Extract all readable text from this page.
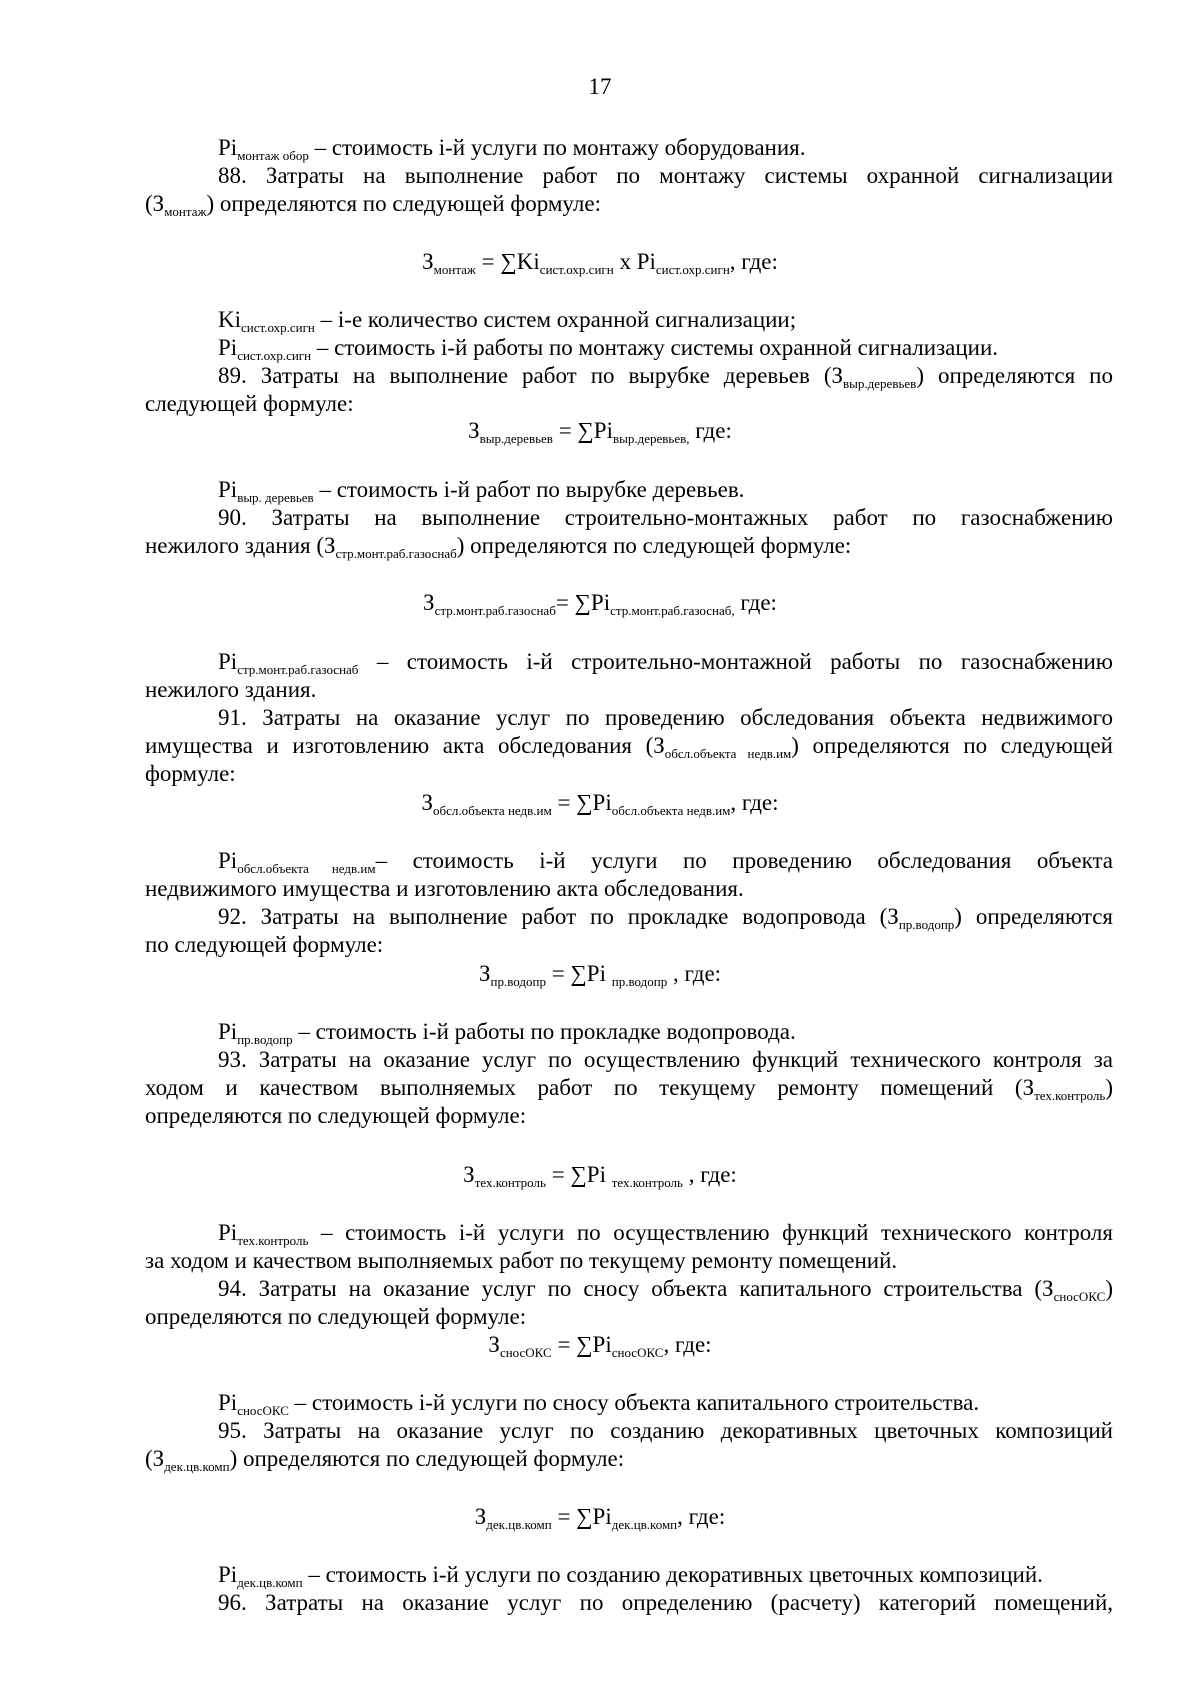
17
$Pi_{монтаж обор}$ – стоимость i-й услуги по монтажу оборудования.
88. Затраты на выполнение работ по монтажу системы охранной сигнализации
$(З_{монтаж})$ определяются по следующей формуле:
$З_{монтаж} = \sum Ki_{сист.охр.сигн}$ x $Pi_{сист.охр.сигн}$, где:
$Ki_{сист.охр.сигн} - i-е$ количество систем охранной сигнализации;
$Pi_{сист.охр.сигн}$ – стоимость i-й работы по монтажу системы охранной сигнализации.
89. Затраты на выполнение работ по вырубке деревьев $(З_{выр.деревьев})$ определяются по
следующей формуле:
$З_{выр.деревьев} = \sum Pi_{выр.деревьев,}$ где:
$Pi_{выр. деревьев}$ – стоимость i-й работ по вырубке деревьев.
90. Затраты на выполнение строительно-монтажных работ по газоснабжению
нежилого здания $(З_{стр.монт.раб.газоснаб})$ определяются по следующей формуле:
$З_{стр.монт.раб.газоснаб}= \sum Pi_{стр.монт.раб.газоснаб,}$ где:
$Pi_{стр.монт.раб.газоснаб}$ – стоимость i-й строительно-монтажной работы по газоснабжению
нежилого здания.
91. Затраты на оказание услуг по проведению обследования объекта недвижимого
имущества и изготовлению акта обследования $(З_{обсл.объекта недв.им})$ определяются по следующей
формуле:
$З_{обсл.объекта недв.им} = \sum Pi_{обсл.объекта недв.им}$, где:
$Pi_{обсл.объекта недв.им}-$ стоимость i-й услуги по проведению обследования объекта
недвижимого имущества и изготовлению акта обследования.
92. Затраты на выполнение работ по прокладке водопровода $(З_{пр.водопр})$ определяются
по следующей формуле:
$З_{пр.водопр} = \sum Pi$ $_{пр.водопр}$ , где:
$Pi_{пр.водопр}$ – стоимость i-й работы по прокладке водопровода.
93. Затраты на оказание услуг по осуществлению функций технического контроля за
ходом и качеством выполняемых работ по текущему ремонту помещений $(З_{тех.контроль})$
определяются по следующей формуле:
$З_{тех.контроль} = \sum Pi$ $_{тех.контроль}$ , где:
$Pi_{тех.контроль}$ – стоимость i-й услуги по осуществлению функций технического контроля
за ходом и качеством выполняемых работ по текущему ремонту помещений.
94. Затраты на оказание услуг по сносу объекта капитального строительства $(З_{сносОКС})$
определяются по следующей формуле:
$З_{сносОКС} = \sum Pi_{сносОКС}$, где:
$Pi_{сносОКС}$ – стоимость i-й услуги по сносу объекта капитального строительства.
95. Затраты на оказание услуг по созданию декоративных цветочных композиций
$(З_{дек.цв.комп})$ определяются по следующей формуле:
$З_{дек.цв.комп} = \sum Pi_{дек.цв.комп}$, где:
$Pi_{дек.цв.комп}$ – стоимость i-й услуги по созданию декоративных цветочных композиций.
96. Затраты на оказание услуг по определению (расчету) категорий помещений,
